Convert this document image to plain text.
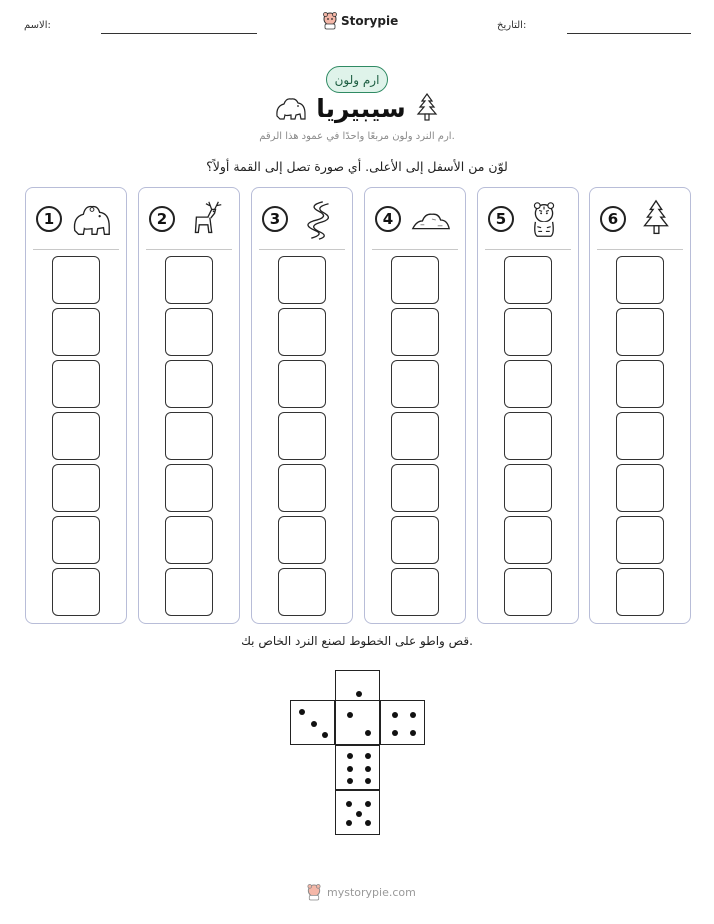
الاسم:	Storypie	التاريخ:
ارم ولون
سيبيريا
ارم النرد ولون مربعًا واحدًا في عمود هذا الرقم.
لوّن من الأسفل إلى الأعلى. أي صورة تصل إلى القمة أولاً؟
1	2	3	4	5	6
قص واطو على الخطوط لصنع النرد الخاص بك.
mystorypie.com
